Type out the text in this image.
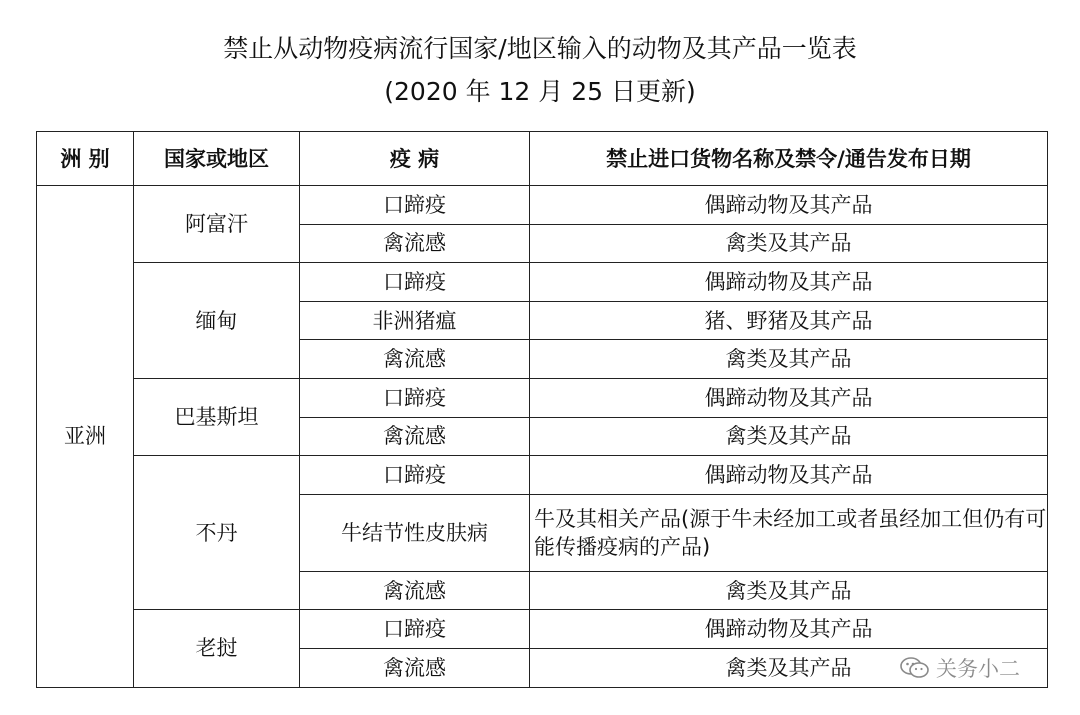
禁止从动物疫病流行国家/地区输入的动物及其产品一览表
(2020 年 12 月 25 日更新)
洲 别	国家或地区	疫 病	禁止进口货物名称及禁令/通告发布日期
亚洲	阿富汗	口蹄疫	偶蹄动物及其产品
		禽流感	禽类及其产品
	缅甸	口蹄疫	偶蹄动物及其产品
		非洲猪瘟	猪、野猪及其产品
		禽流感	禽类及其产品
	巴基斯坦	口蹄疫	偶蹄动物及其产品
		禽流感	禽类及其产品
	不丹	口蹄疫	偶蹄动物及其产品
		牛结节性皮肤病	牛及其相关产品(源于牛未经加工或者虽经加工但仍有可能传播疫病的产品)
		禽流感	禽类及其产品
	老挝	口蹄疫	偶蹄动物及其产品
		禽流感	禽类及其产品	关务小二
